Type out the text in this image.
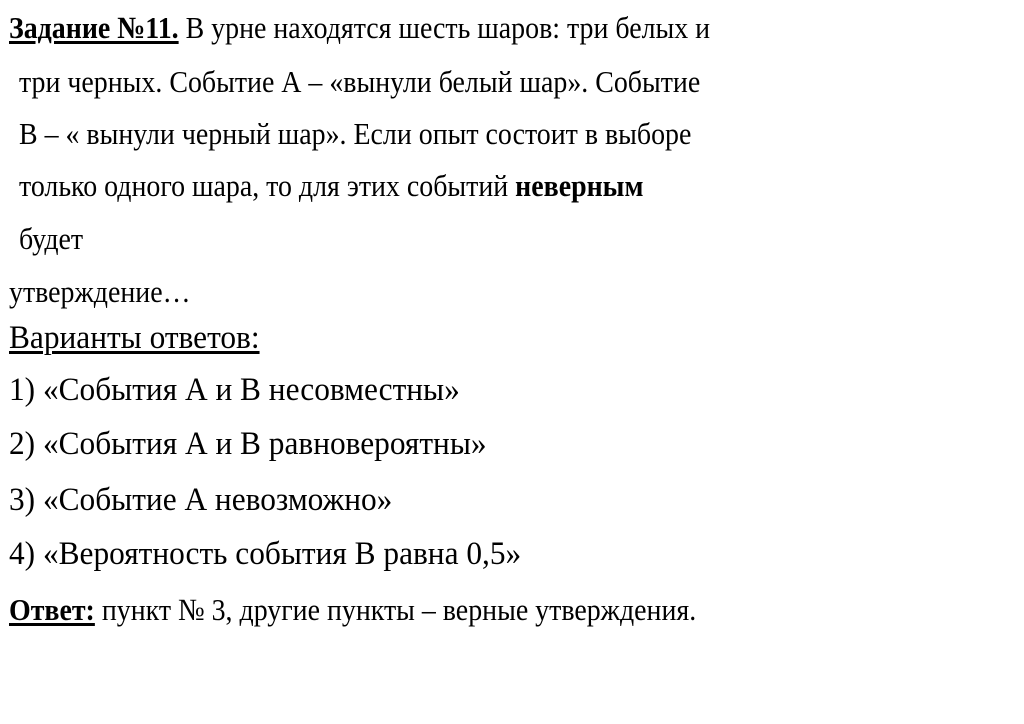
Задание №11. В урне находятся шесть шаров: три белых и
три черных. Событие А – «вынули белый шар». Событие
В – « вынули черный шар». Если опыт состоит в выборе
только одного шара, то для этих событий неверным
будет
утверждение…
Варианты ответов:
1) «События А и В несовместны»
2) «События А и В равновероятны»
3) «Событие А невозможно»
4) «Вероятность события В равна 0,5»
Ответ: пункт № 3, другие пункты – верные утверждения.
